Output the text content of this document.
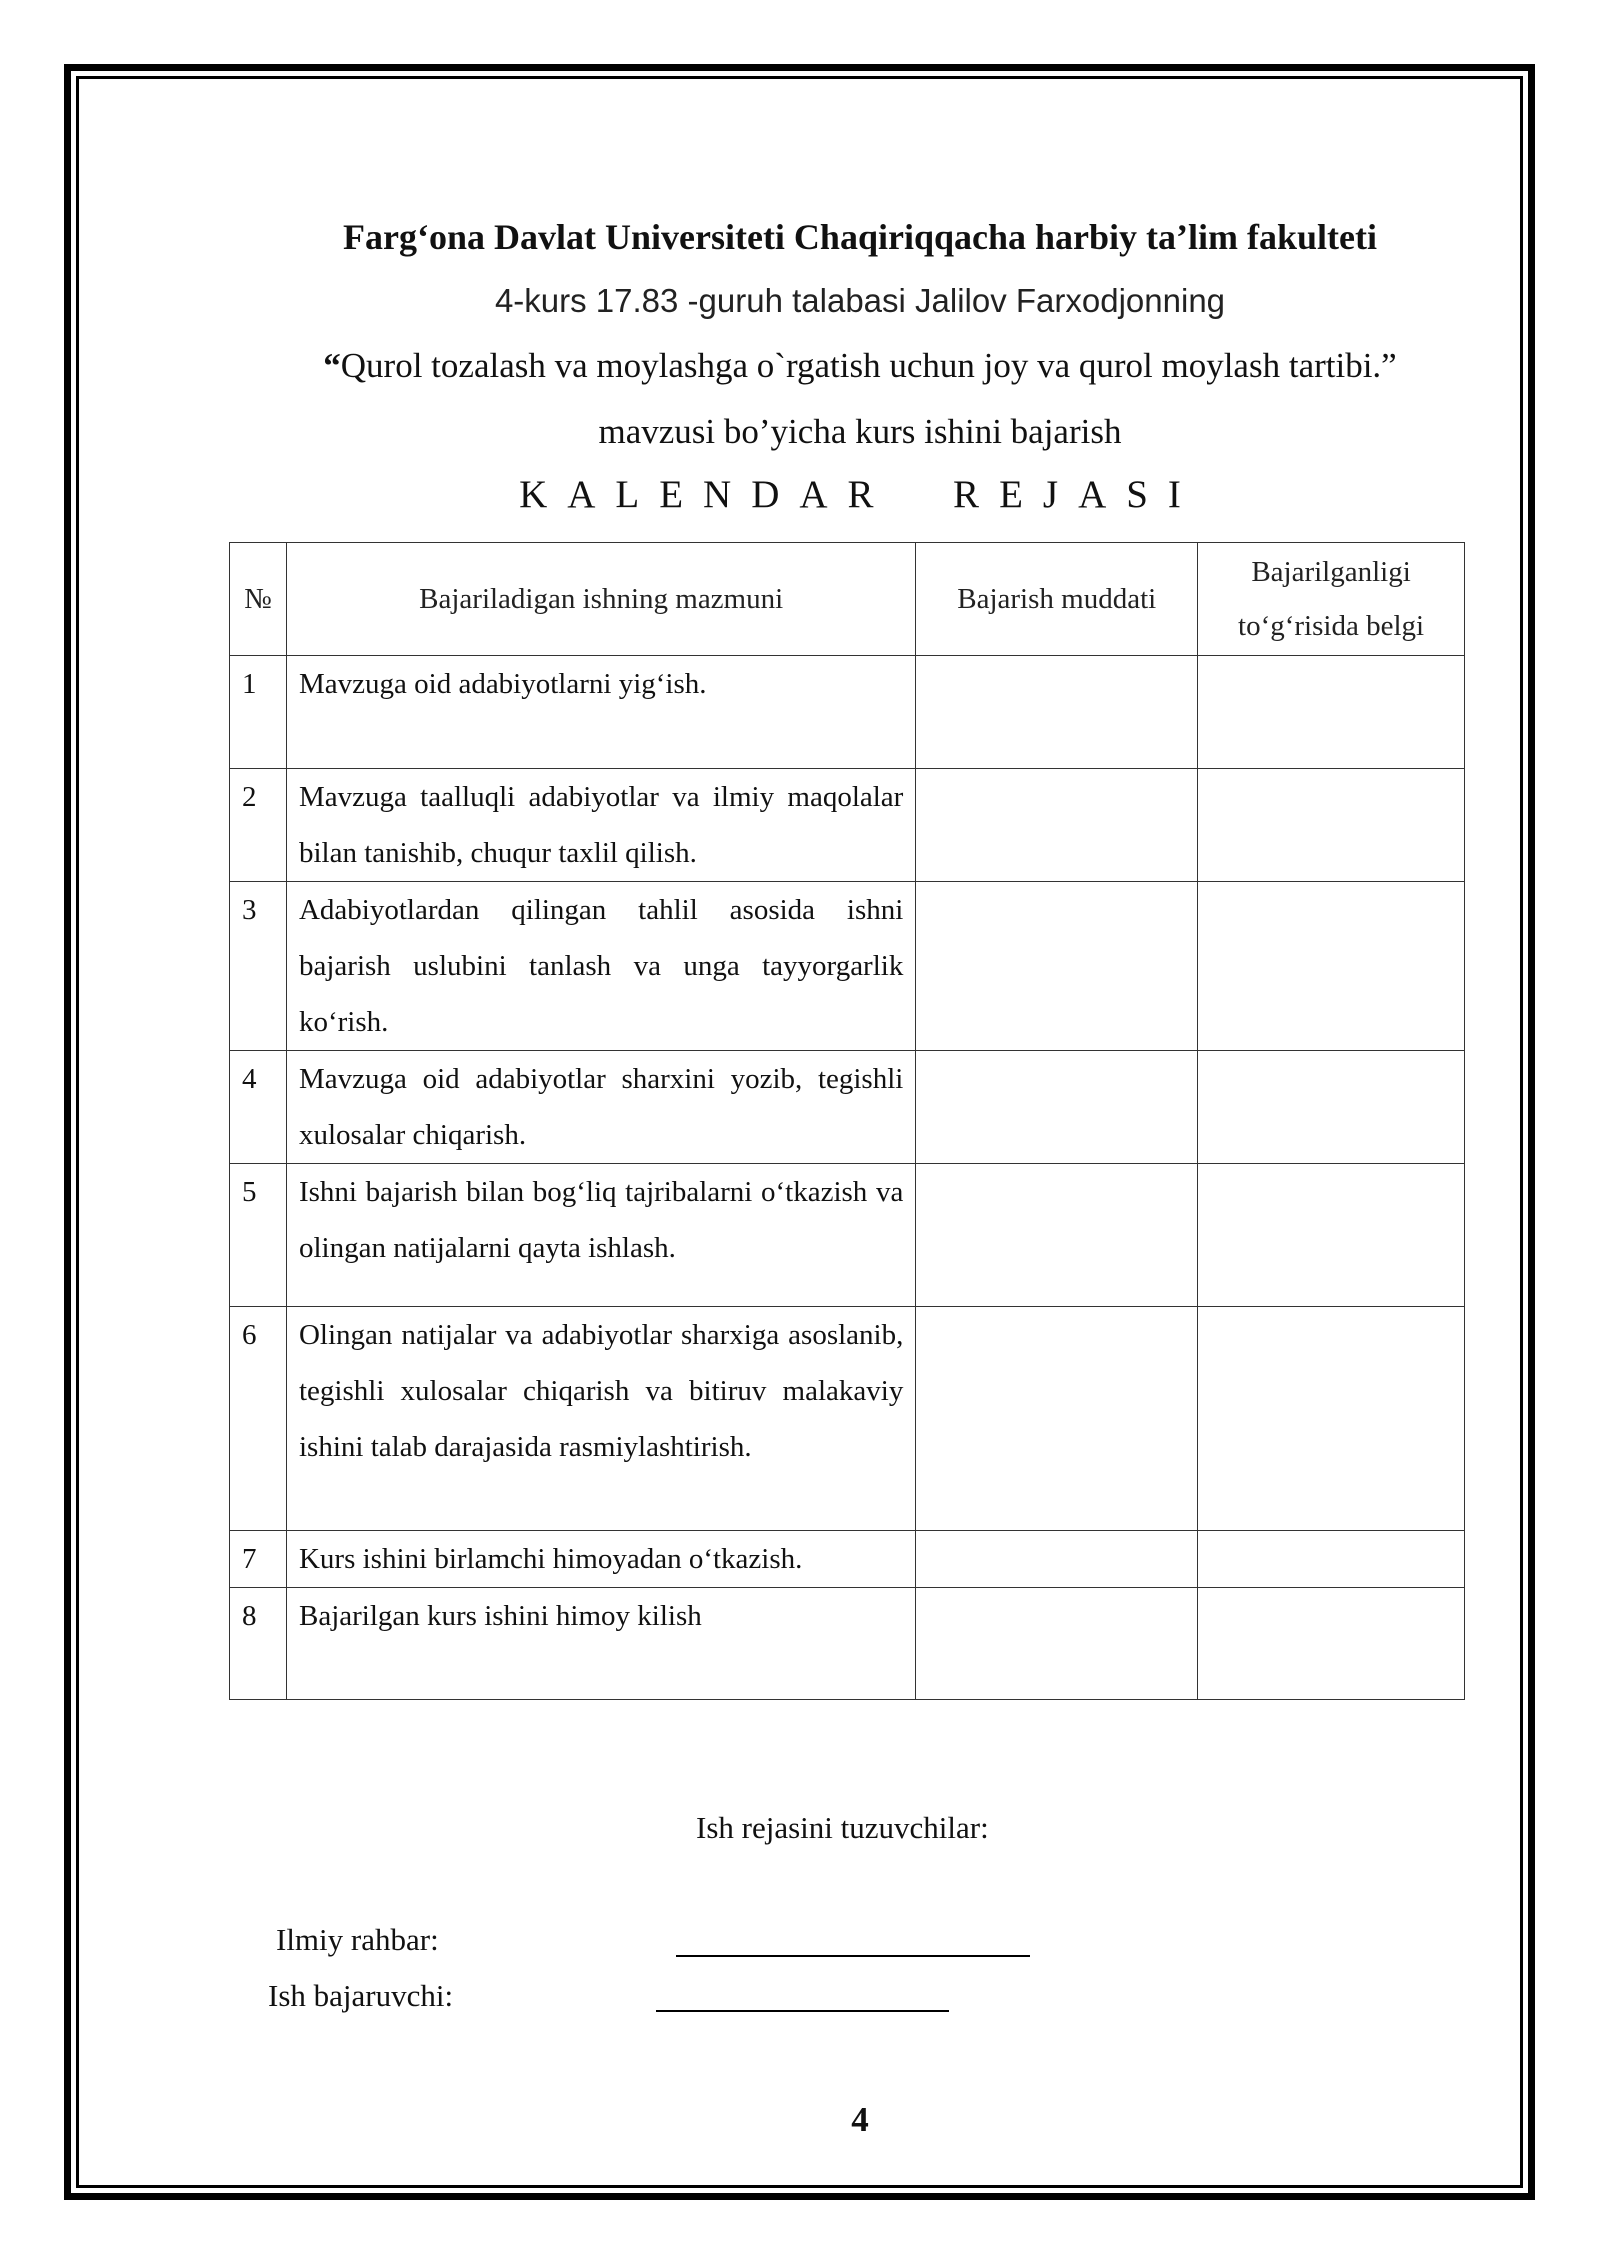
Farg‘ona Davlat Universiteti Chaqiriqqacha harbiy ta’lim fakulteti
4-kurs 17.83 -guruh talabasi Jalilov Farxodjonning
“Qurol tozalash va moylashga o`rgatish uchun joy va qurol moylash tartibi.”
mavzusi bo’yicha kurs ishini bajarish
KALENDAR  REJASI
№	Bajariladigan ishning mazmuni	Bajarish muddati	Bajarilganligi
to‘g‘risida belgi

1	Mavzuga oid adabiyotlarni yig‘ish.		
2	Mavzuga taalluqli adabiyotlar va ilmiy maqolalar bilan tanishib, chuqur taxlil qilish.		
3	Adabiyotlardan qilingan tahlil asosida ishni bajarish uslubini tanlash va unga tayyorgarlik ko‘rish.		
4	Mavzuga oid adabiyotlar sharxini yozib, tegishli xulosalar chiqarish.		
5	Ishni bajarish bilan bog‘liq tajribalarni o‘tkazish va olingan natijalarni qayta ishlash.		
6	Olingan natijalar va adabiyotlar sharxiga asoslanib, tegishli xulosalar chiqarish va bitiruv malakaviy ishini talab darajasida rasmiylashtirish.		
7	Kurs ishini birlamchi himoyadan o‘tkazish.		
8	Bajarilgan kurs ishini himoy kilish		
Ish rejasini tuzuvchilar:
Ilmiy rahbar:
Ish bajaruvchi:
4
